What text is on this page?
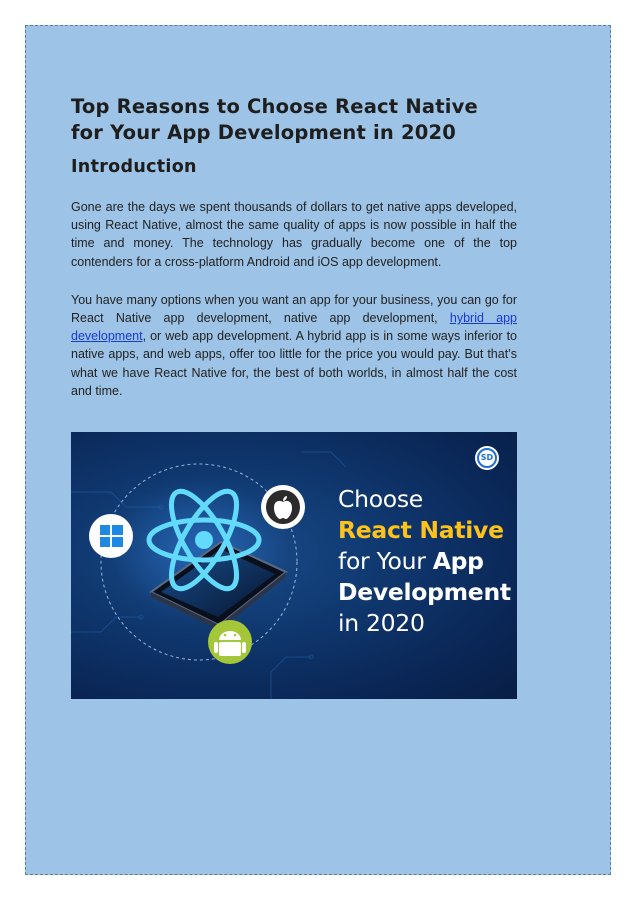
Top Reasons to Choose React Native for Your App Development in 2020
Introduction

Gone are the days we spent thousands of dollars to get native apps developed, using React Native, almost the same quality of apps is now possible in half the time and money. The technology has gradually become one of the top contenders for a cross-platform Android and iOS app development.

You have many options when you want an app for your business, you can go for React Native app development, native app development, hybrid app development, or web app development. A hybrid app is in some ways inferior to native apps, and web apps, offer too little for the price you would pay. But that’s what we have React Native for, the best of both worlds, in almost half the cost and time.

SD
Choose
React Native
for Your App
Development
in 2020
